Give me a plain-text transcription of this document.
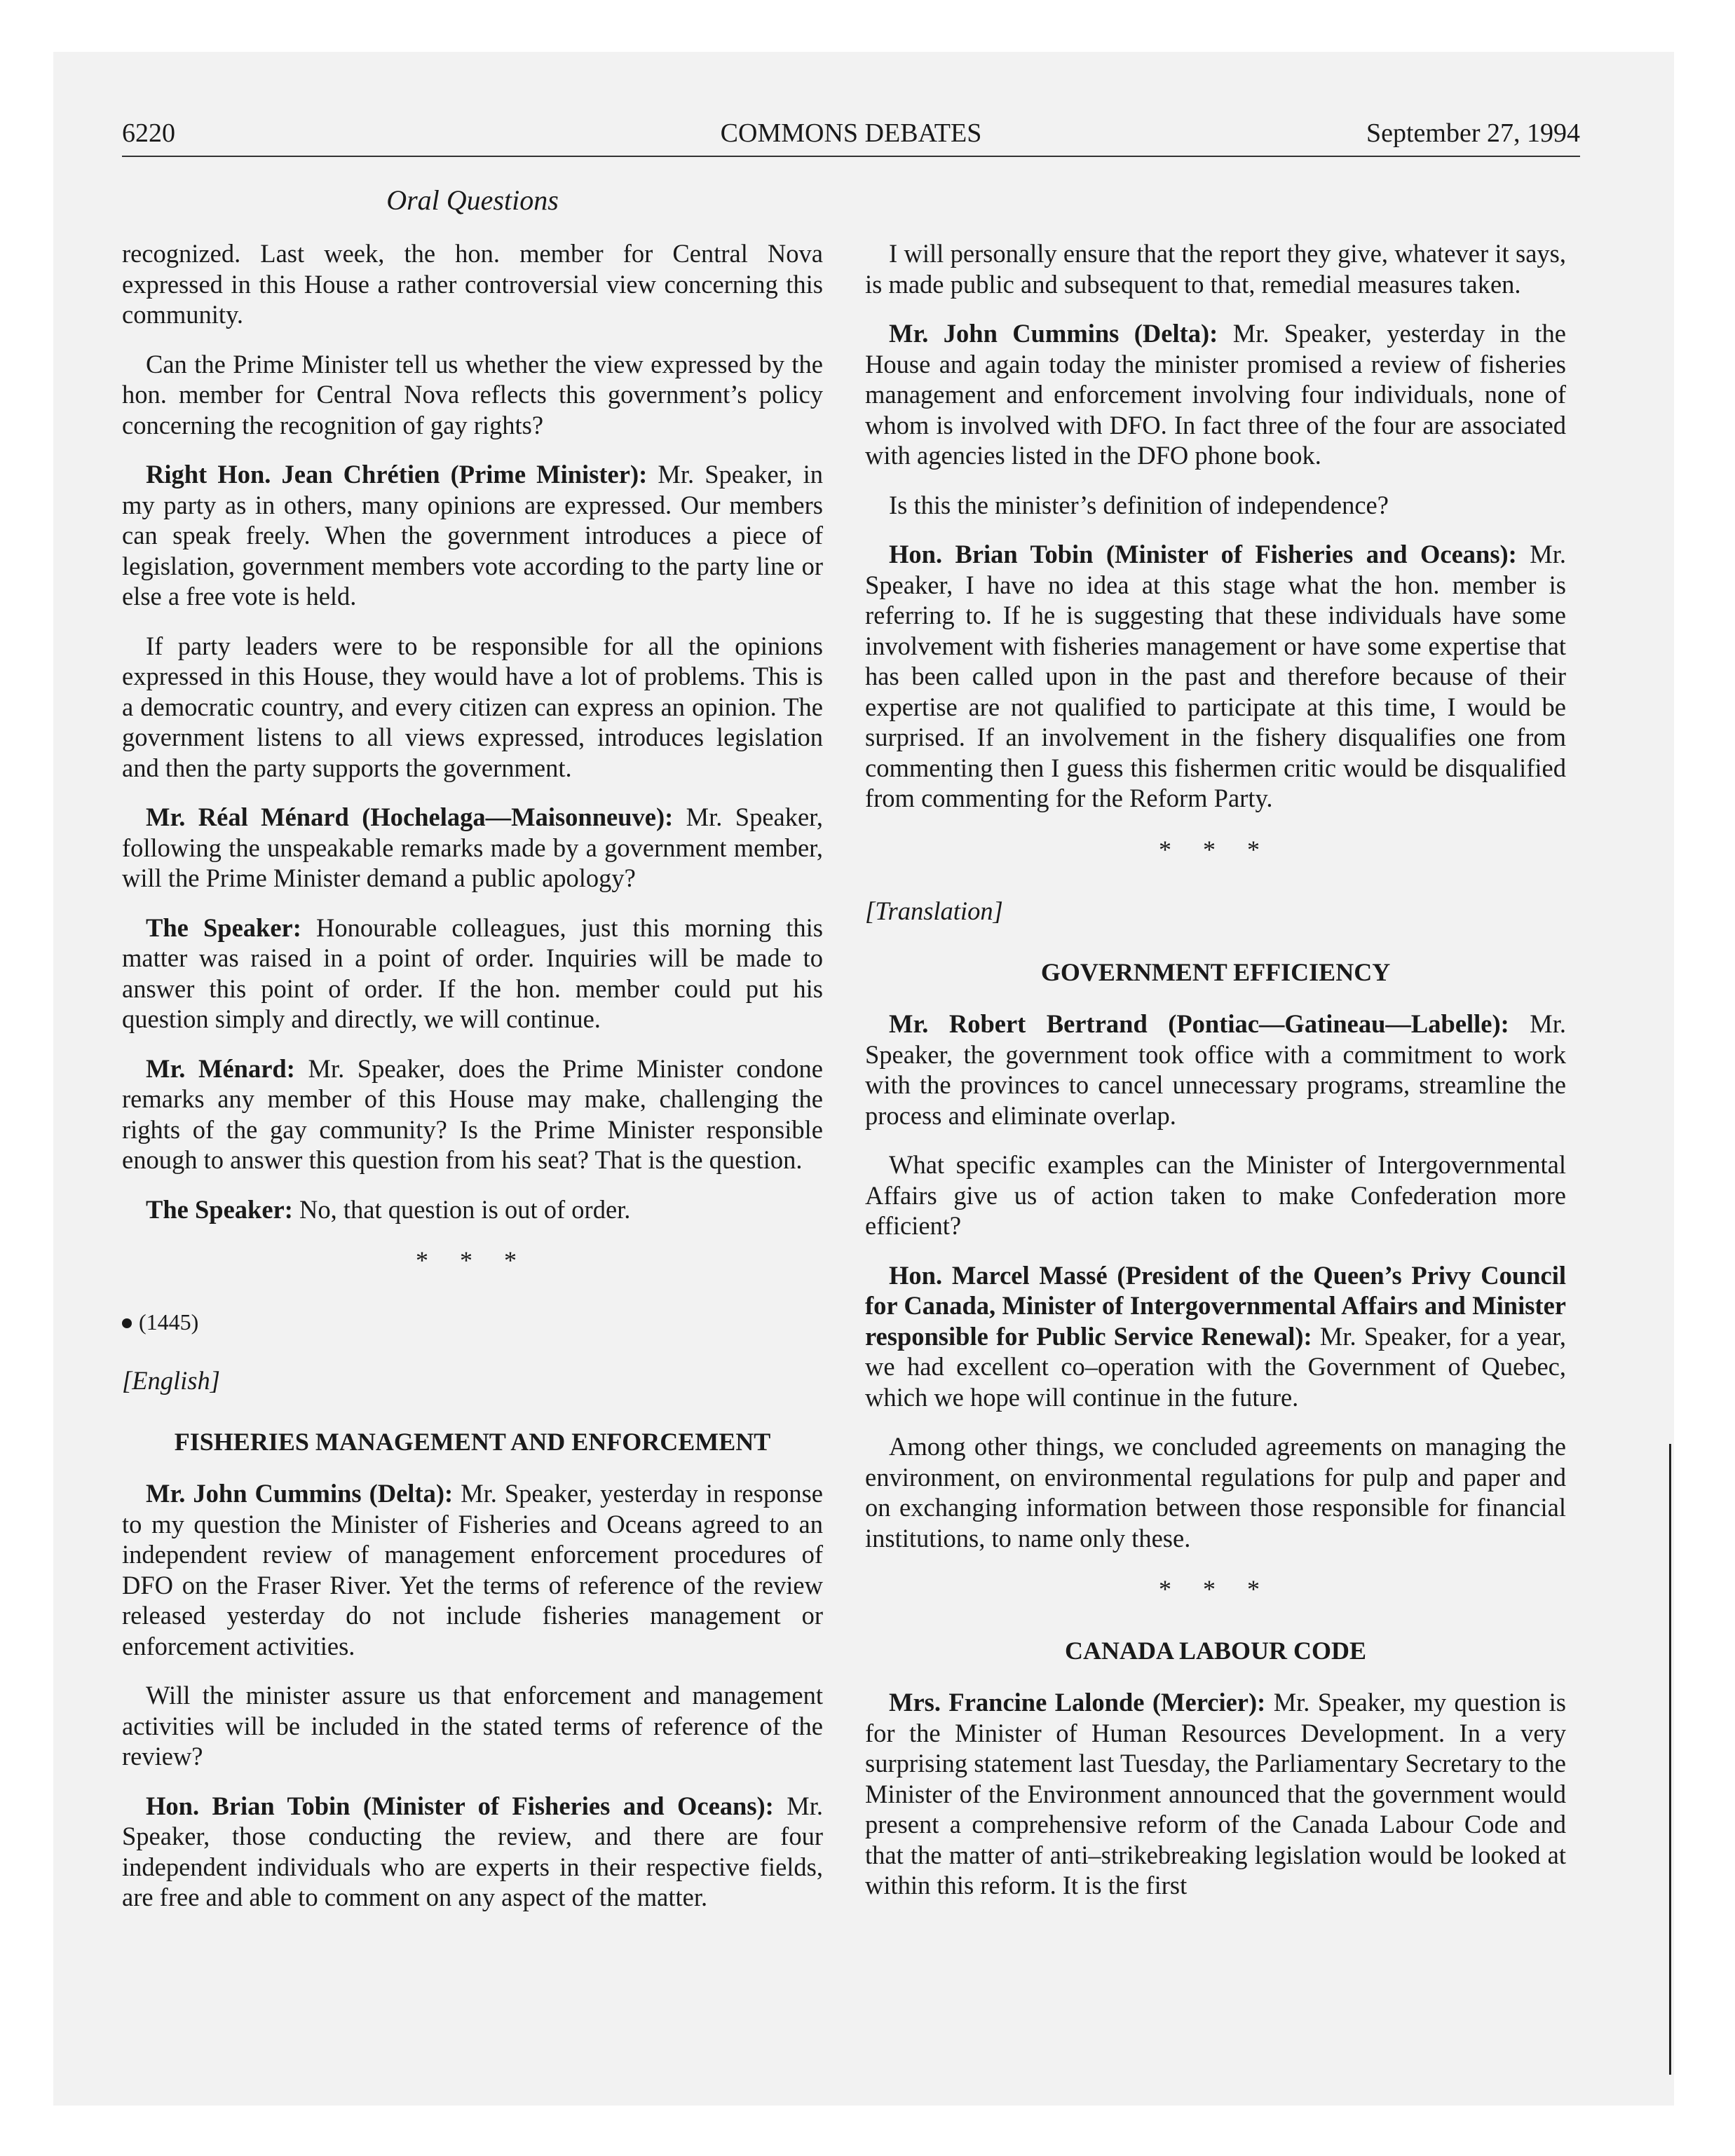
6220	COMMONS DEBATES	September 27, 1994
Oral Questions

recognized. Last week, the hon. member for Central Nova expressed in this House a rather controversial view concerning this community.

Can the Prime Minister tell us whether the view expressed by the hon. member for Central Nova reflects this government’s policy concerning the recognition of gay rights?

Right Hon. Jean Chrétien (Prime Minister): Mr. Speaker, in my party as in others, many opinions are expressed. Our members can speak freely. When the government introduces a piece of legislation, government members vote according to the party line or else a free vote is held.

If party leaders were to be responsible for all the opinions expressed in this House, they would have a lot of problems. This is a democratic country, and every citizen can express an opinion. The government listens to all views expressed, introduces legislation and then the party supports the government.

Mr. Réal Ménard (Hochelaga—Maisonneuve): Mr. Speaker, following the unspeakable remarks made by a government member, will the Prime Minister demand a public apology?

The Speaker: Honourable colleagues, just this morning this matter was raised in a point of order. Inquiries will be made to answer this point of order. If the hon. member could put his question simply and directly, we will continue.

Mr. Ménard: Mr. Speaker, does the Prime Minister condone remarks any member of this House may make, challenging the rights of the gay community? Is the Prime Minister responsible enough to answer this question from his seat? That is the question.

The Speaker: No, that question is out of order.

* * *
(1445)
[English]
FISHERIES MANAGEMENT AND ENFORCEMENT

Mr. John Cummins (Delta): Mr. Speaker, yesterday in response to my question the Minister of Fisheries and Oceans agreed to an independent review of management enforcement procedures of DFO on the Fraser River. Yet the terms of reference of the review released yesterday do not include fisheries management or enforcement activities.

Will the minister assure us that enforcement and management activities will be included in the stated terms of reference of the review?

Hon. Brian Tobin (Minister of Fisheries and Oceans): Mr. Speaker, those conducting the review, and there are four independent individuals who are experts in their respective fields, are free and able to comment on any aspect of the matter.

I will personally ensure that the report they give, whatever it says, is made public and subsequent to that, remedial measures taken.

Mr. John Cummins (Delta): Mr. Speaker, yesterday in the House and again today the minister promised a review of fisheries management and enforcement involving four individuals, none of whom is involved with DFO. In fact three of the four are associated with agencies listed in the DFO phone book.

Is this the minister’s definition of independence?

Hon. Brian Tobin (Minister of Fisheries and Oceans): Mr. Speaker, I have no idea at this stage what the hon. member is referring to. If he is suggesting that these individuals have some involvement with fisheries management or have some expertise that has been called upon in the past and therefore because of their expertise are not qualified to participate at this time, I would be surprised. If an involvement in the fishery disqualifies one from commenting then I guess this fishermen critic would be disqualified from commenting for the Reform Party.

* * *
[Translation]
GOVERNMENT EFFICIENCY

Mr. Robert Bertrand (Pontiac—Gatineau—Labelle): Mr. Speaker, the government took office with a commitment to work with the provinces to cancel unnecessary programs, streamline the process and eliminate overlap.

What specific examples can the Minister of Intergovernmental Affairs give us of action taken to make Confederation more efficient?

Hon. Marcel Massé (President of the Queen’s Privy Council for Canada, Minister of Intergovernmental Affairs and Minister responsible for Public Service Renewal): Mr. Speaker, for a year, we had excellent co–operation with the Government of Quebec, which we hope will continue in the future.

Among other things, we concluded agreements on managing the environment, on environmental regulations for pulp and paper and on exchanging information between those responsible for financial institutions, to name only these.

* * *
CANADA LABOUR CODE

Mrs. Francine Lalonde (Mercier): Mr. Speaker, my question is for the Minister of Human Resources Development. In a very surprising statement last Tuesday, the Parliamentary Secretary to the Minister of the Environment announced that the government would present a comprehensive reform of the Canada Labour Code and that the matter of anti–strikebreaking legislation would be looked at within this reform. It is the first
